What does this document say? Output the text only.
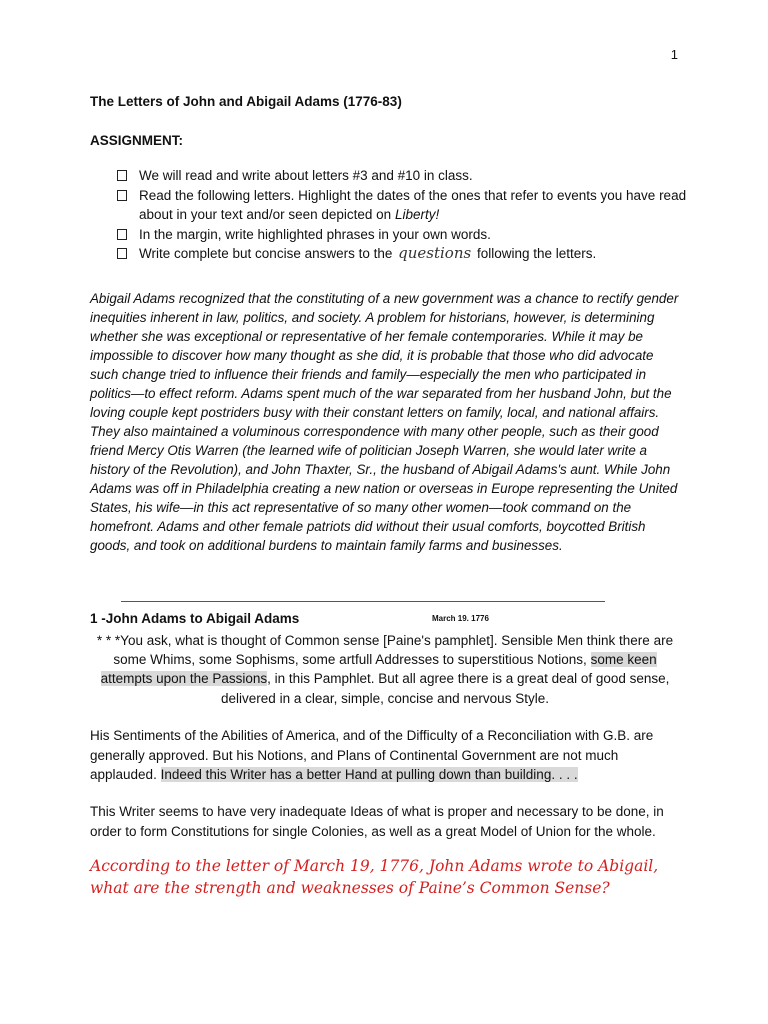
1
The Letters of John and Abigail Adams (1776-83)
ASSIGNMENT:
We will read and write about letters #3 and #10 in class.
Read the following letters. Highlight the dates of the ones that refer to events you have read about in your text and/or seen depicted on Liberty!
In the margin, write highlighted phrases in your own words.
Write complete but concise answers to the questions following the letters.

Abigail Adams recognized that the constituting of a new government was a chance to rectify gender inequities inherent in law, politics, and society. A problem for historians, however, is determining whether she was exceptional or representative of her female contemporaries. While it may be impossible to discover how many thought as she did, it is probable that those who did advocate such change tried to influence their friends and family—especially the men who participated in politics—to effect reform. Adams spent much of the war separated from her husband John, but the loving couple kept postriders busy with their constant letters on family, local, and national affairs. They also maintained a voluminous correspondence with many other people, such as their good friend Mercy Otis Warren (the learned wife of politician Joseph Warren, she would later write a history of the Revolution), and John Thaxter, Sr., the husband of Abigail Adams's aunt. While John Adams was off in Philadelphia creating a new nation or overseas in Europe representing the United States, his wife—in this act representative of so many other women—took command on the homefront. Adams and other female patriots did without their usual comforts, boycotted British goods, and took on additional burdens to maintain family farms and businesses.

1 -John Adams to Abigail Adams	March 19. 1776

* * *You ask, what is thought of Common sense [Paine's pamphlet]. Sensible Men think there are some Whims, some Sophisms, some artfull Addresses to superstitious Notions, some keen attempts upon the Passions, in this Pamphlet. But all agree there is a great deal of good sense, delivered in a clear, simple, concise and nervous Style.

His Sentiments of the Abilities of America, and of the Difficulty of a Reconciliation with G.B. are generally approved. But his Notions, and Plans of Continental Government are not much applauded. Indeed this Writer has a better Hand at pulling down than building. . . .

This Writer seems to have very inadequate Ideas of what is proper and necessary to be done, in order to form Constitutions for single Colonies, as well as a great Model of Union for the whole.

According to the letter of March 19, 1776, John Adams wrote to Abigail, what are the strength and weaknesses of Paine’s Common Sense?
